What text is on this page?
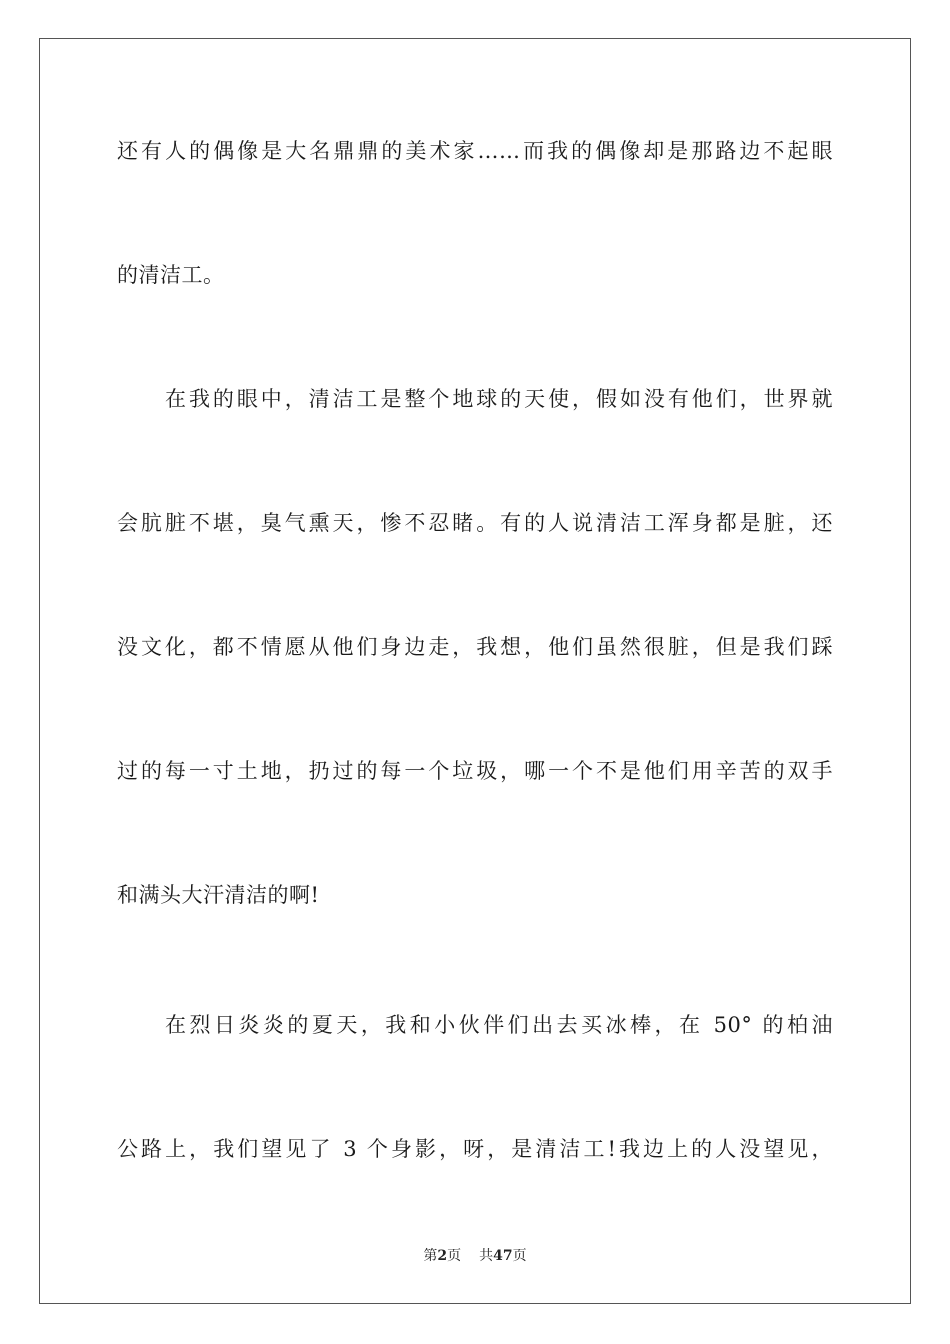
还有人的偶像是大名鼎鼎的美术家……而我的偶像却是那路边不起眼
的清洁工。
在我的眼中，清洁工是整个地球的天使，假如没有他们，世界就
会肮脏不堪，臭气熏天，惨不忍睹。有的人说清洁工浑身都是脏，还
没文化，都不情愿从他们身边走，我想，他们虽然很脏，但是我们踩
过的每一寸土地，扔过的每一个垃圾，哪一个不是他们用辛苦的双手
和满头大汗清洁的啊!
在烈日炎炎的夏天，我和小伙伴们出去买冰棒，在 50° 的柏油
公路上，我们望见了 3 个身影，呀，是清洁工!我边上的人没望见，
第2页 共47页
